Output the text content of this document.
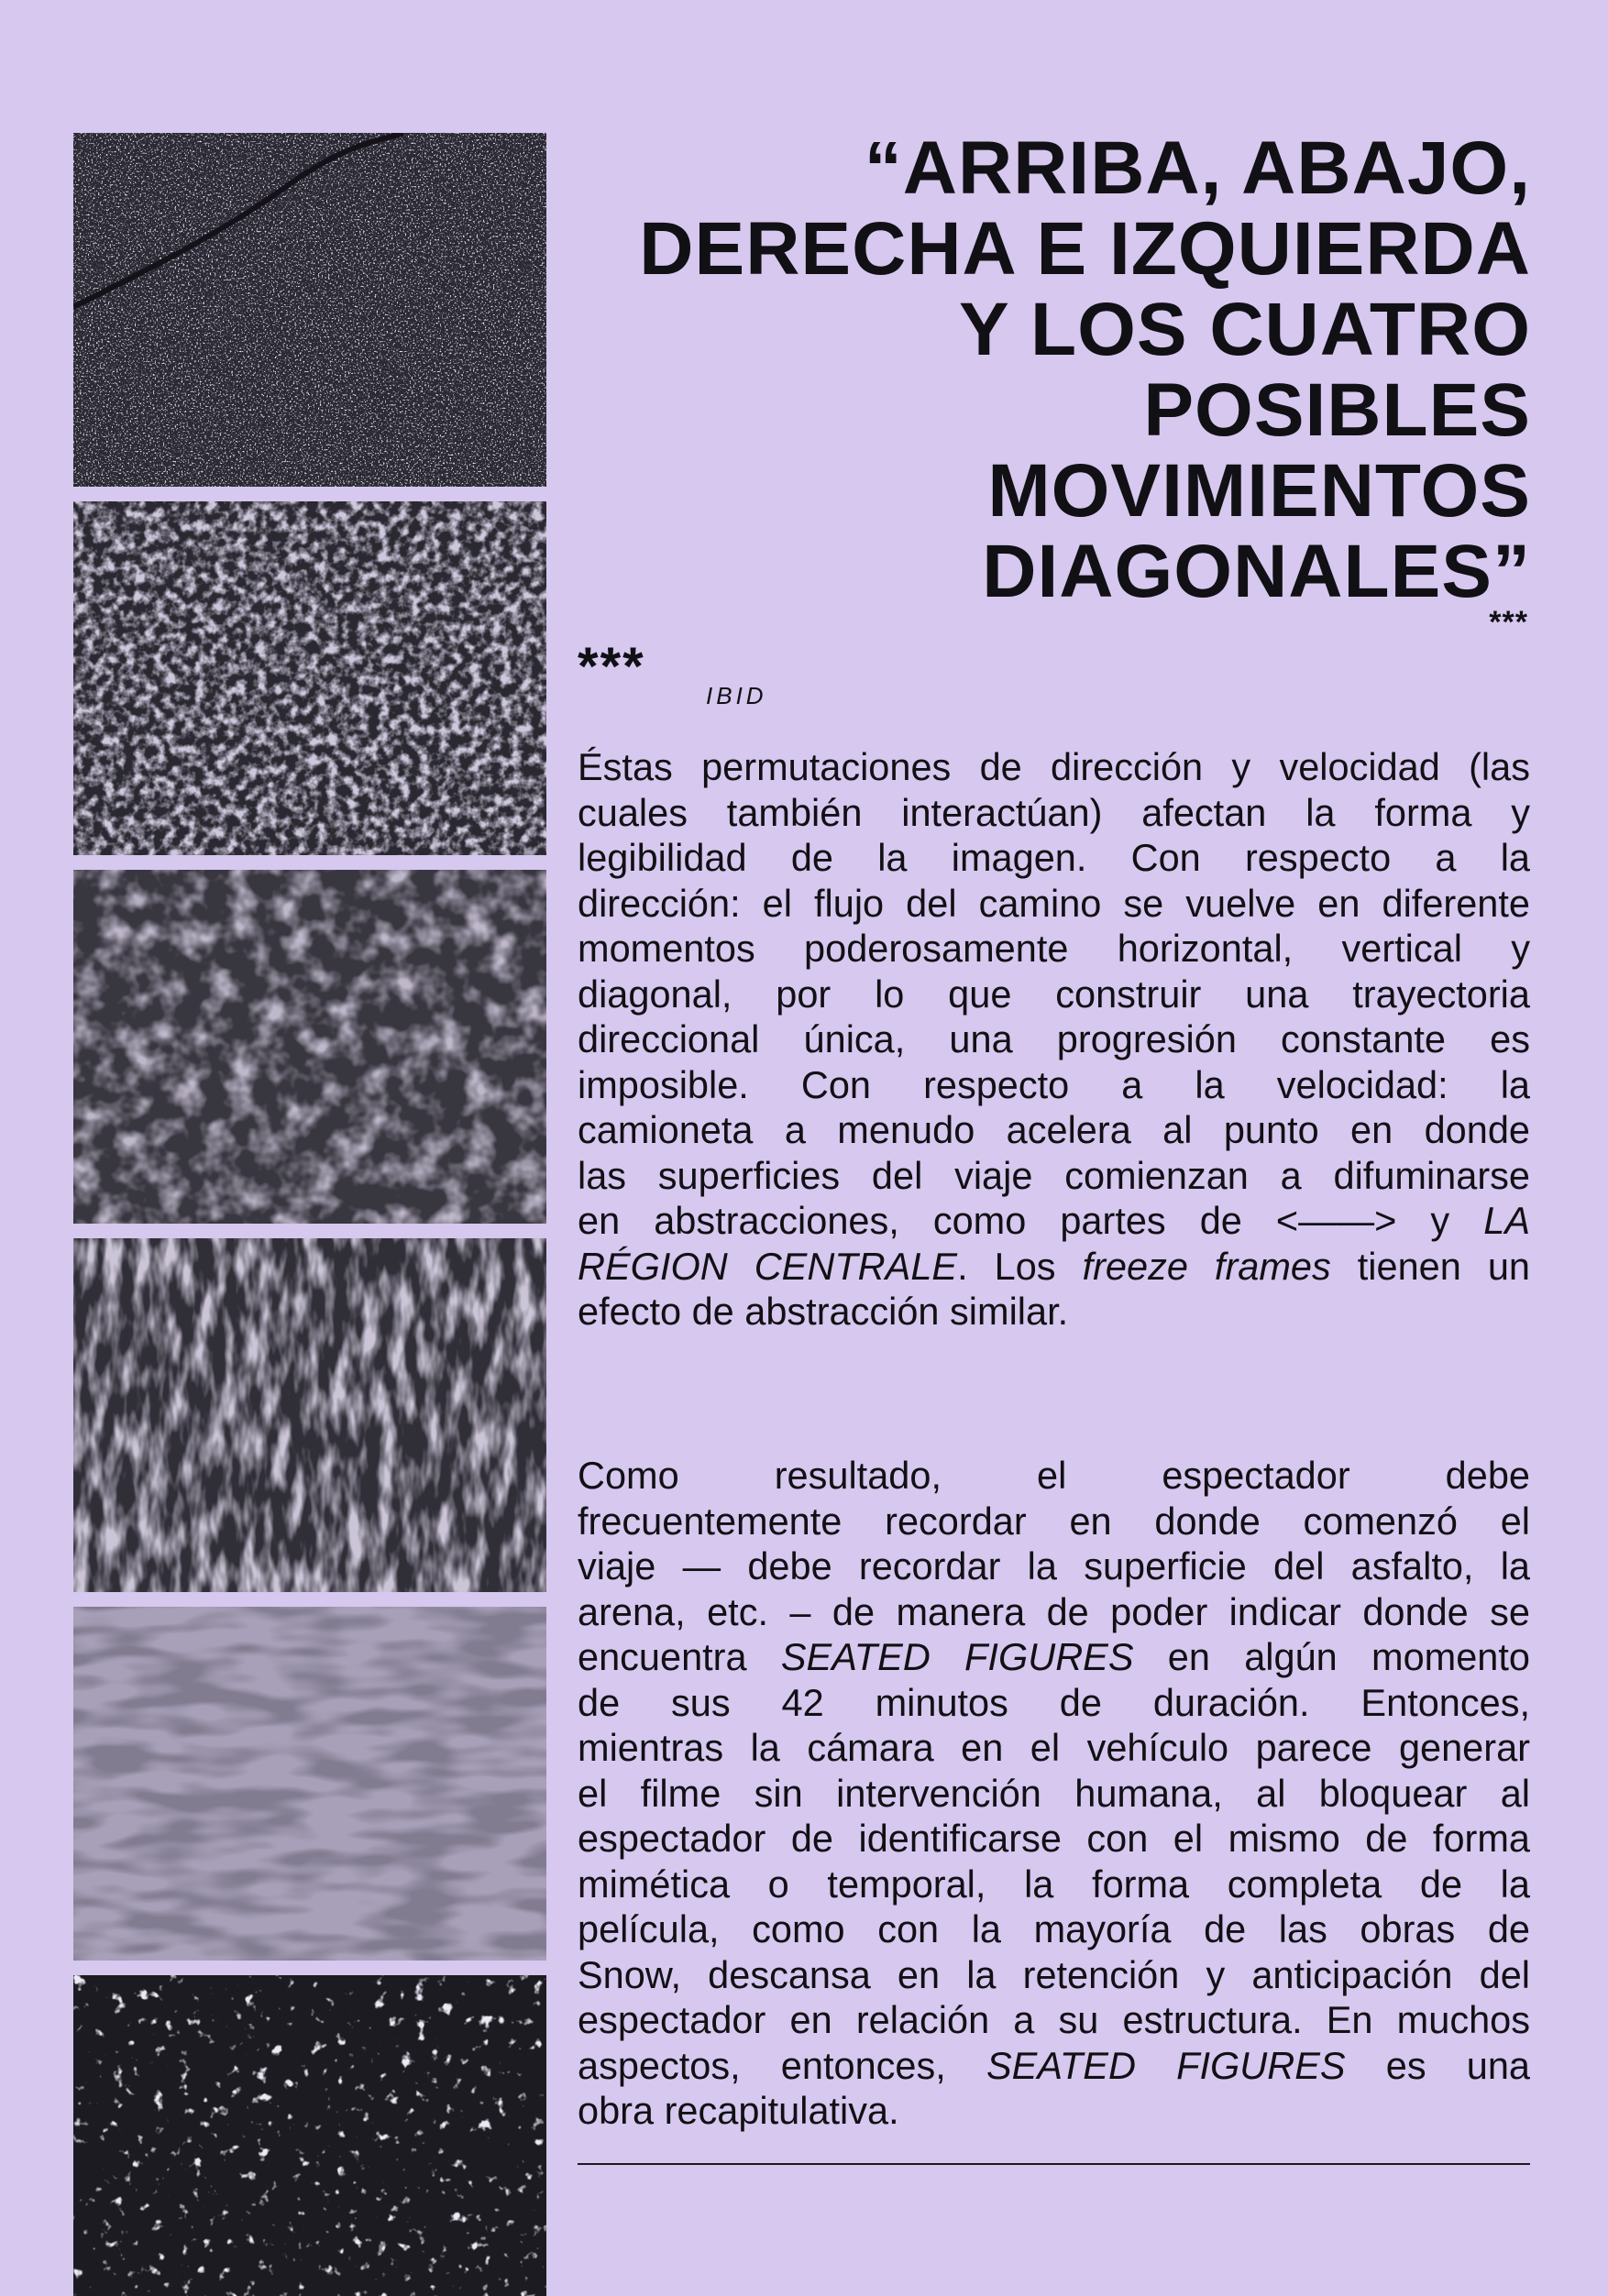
“ARRIBA, ABAJO,
DERECHA E IZQUIERDA
Y LOS CUATRO
POSIBLES
MOVIMIENTOS
DIAGONALES”
***
***	IBID
Éstas permutaciones de dirección y velocidad (las
cuales también interactúan) afectan la forma y
legibilidad de la imagen. Con respecto a la
dirección: el flujo del camino se vuelve en diferente
momentos poderosamente horizontal, vertical y
diagonal, por lo que construir una trayectoria
direccional única, una progresión constante es
imposible. Con respecto a la velocidad: la
camioneta a menudo acelera al punto en donde
las superficies del viaje comienzan a difuminarse
en abstracciones, como partes de <——> y LA
RÉGION CENTRALE. Los freeze frames tienen un
efecto de abstracción similar.
Como resultado, el espectador debe
frecuentemente recordar en donde comenzó el
viaje — debe recordar la superficie del asfalto, la
arena, etc. – de manera de poder indicar donde se
encuentra SEATED FIGURES en algún momento
de sus 42 minutos de duración. Entonces,
mientras la cámara en el vehículo parece generar
el filme sin intervención humana, al bloquear al
espectador de identificarse con el mismo de forma
mimética o temporal, la forma completa de la
película, como con la mayoría de las obras de
Snow, descansa en la retención y anticipación del
espectador en relación a su estructura. En muchos
aspectos, entonces, SEATED FIGURES es una
obra recapitulativa.
